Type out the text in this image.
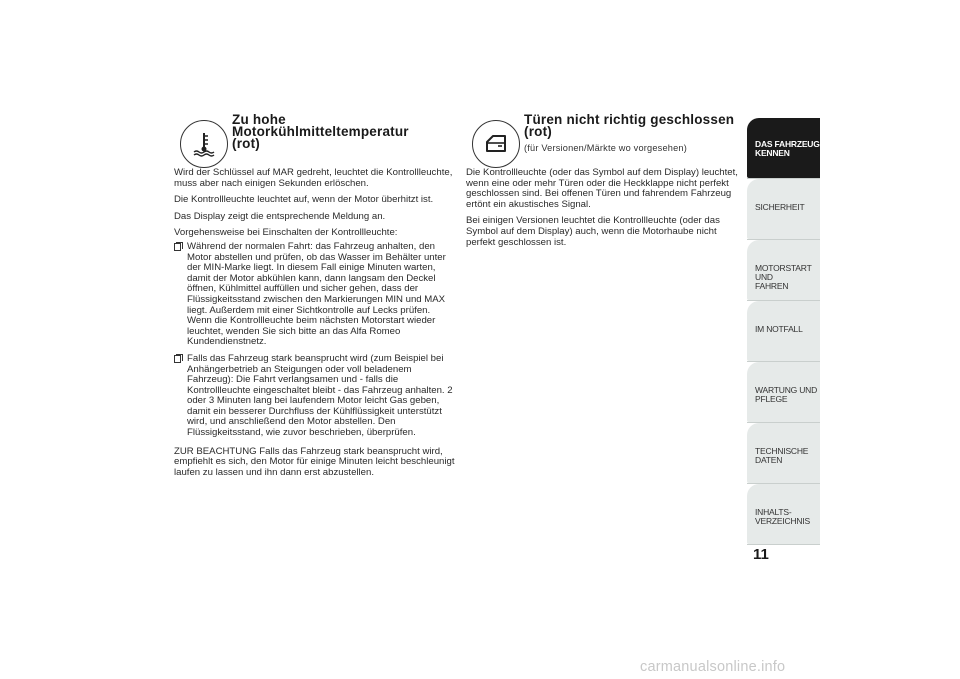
Zu hohe
Motorkühlmitteltemperatur
(rot)

Wird der Schlüssel auf MAR gedreht, leuchtet die Kontrollleuchte, muss aber nach einigen Sekunden erlöschen.

Die Kontrollleuchte leuchtet auf, wenn der Motor überhitzt ist.

Das Display zeigt die entsprechende Meldung an.

Vorgehensweise bei Einschalten der Kontrollleuchte:

Während der normalen Fahrt: das Fahrzeug anhalten, den Motor abstellen und prüfen, ob das Wasser im Behälter unter der MIN-Marke liegt. In diesem Fall einige Minuten warten, damit der Motor abkühlen kann, dann langsam den Deckel öffnen, Kühlmittel auffüllen und sicher gehen, dass der Flüssigkeitsstand zwischen den Markierungen MIN und MAX liegt. Außerdem mit einer Sichtkontrolle auf Lecks prüfen. Wenn die Kontrollleuchte beim nächsten Motorstart wieder leuchtet, wenden Sie sich bitte an das Alfa Romeo Kundendienstnetz.
Falls das Fahrzeug stark beansprucht wird (zum Beispiel bei Anhängerbetrieb an Steigungen oder voll beladenem Fahrzeug): Die Fahrt verlangsamen und - falls die Kontrollleuchte eingeschaltet bleibt - das Fahrzeug anhalten. 2 oder 3 Minuten lang bei laufendem Motor leicht Gas geben, damit ein besserer Durchfluss der Kühlflüssigkeit unterstützt wird, und anschließend den Motor abstellen. Den Flüssigkeitsstand, wie zuvor beschrieben, überprüfen.

ZUR BEACHTUNG Falls das Fahrzeug stark beansprucht wird, empfiehlt es sich, den Motor für einige Minuten leicht beschleunigt laufen zu lassen und ihn dann erst abzustellen.

Türen nicht richtig geschlossen
(rot)
(für Versionen/Märkte wo vorgesehen)

Die Kontrollleuchte (oder das Symbol auf dem Display) leuchtet, wenn eine oder mehr Türen oder die Heckklappe nicht perfekt geschlossen sind. Bei offenen Türen und fahrendem Fahrzeug ertönt ein akustisches Signal.

Bei einigen Versionen leuchtet die Kontrollleuchte (oder das Symbol auf dem Display) auch, wenn die Motorhaube nicht perfekt geschlossen ist.

DAS FAHRZEUG
KENNEN
SICHERHEIT
MOTORSTART UND
FAHREN
IM NOTFALL
WARTUNG UND
PFLEGE
TECHNISCHE DATEN
INHALTS-
VERZEICHNIS
11
carmanualsonline.info
